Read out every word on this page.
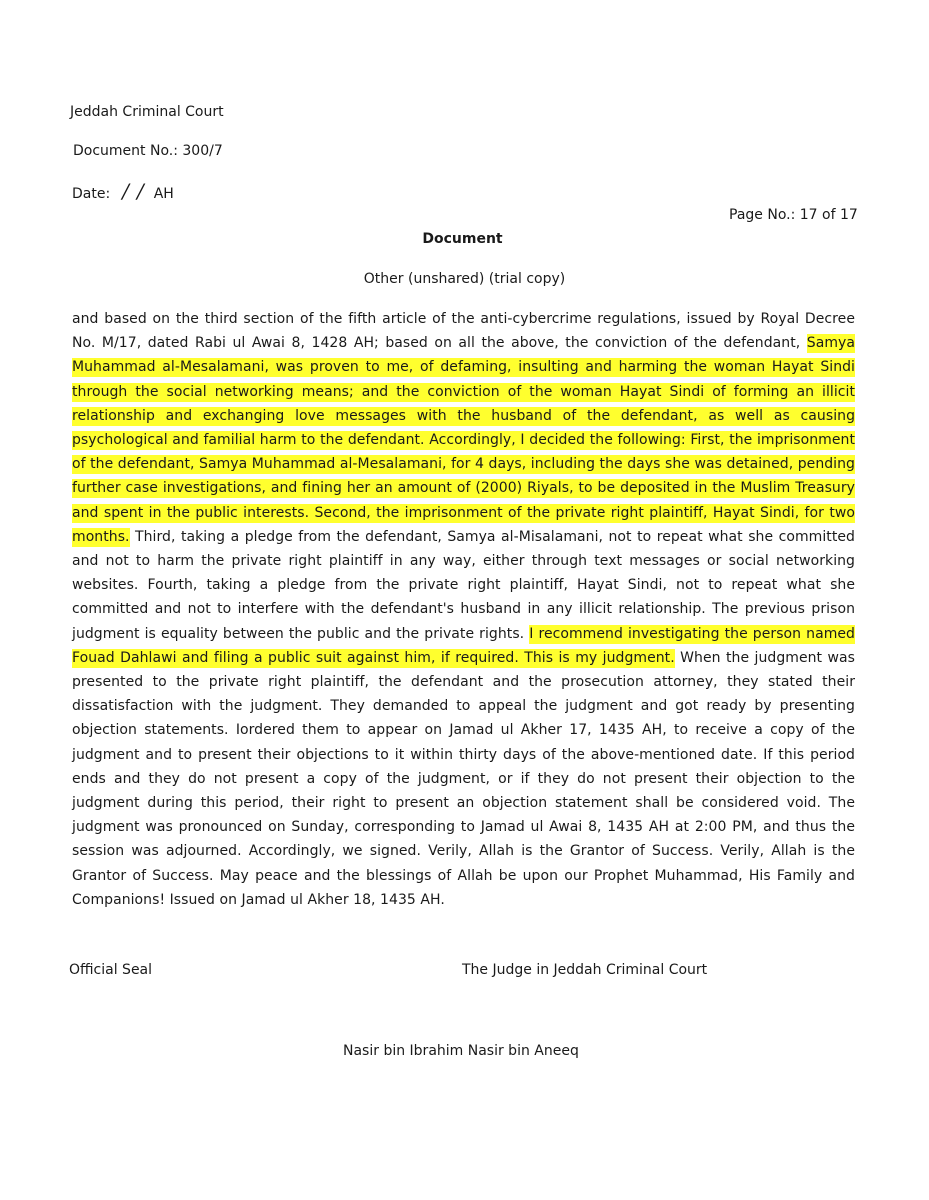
Jeddah Criminal Court
Document No.: 300/7
Date: / / AH
Page No.: 17 of 17
Document
Other (unshared) (trial copy)
and based on the third section of the fifth article of the anti-cybercrime regulations, issued by Royal Decree No. M/17, dated Rabi ul Awai 8, 1428 AH; based on all the above, the conviction of the defendant, Samya Muhammad al-Mesalamani, was proven to me, of defaming, insulting and harming the woman Hayat Sindi through the social networking means; and the conviction of the woman Hayat Sindi of forming an illicit relationship and exchanging love messages with the husband of the defendant, as well as causing psychological and familial harm to the defendant. Accordingly, I decided the following: First, the imprisonment of the defendant, Samya Muhammad al-Mesalamani, for 4 days, including the days she was detained, pending further case investigations, and fining her an amount of (2000) Riyals, to be deposited in the Muslim Treasury and spent in the public interests. Second, the imprisonment of the private right plaintiff, Hayat Sindi, for two months. Third, taking a pledge from the defendant, Samya al-Misalamani, not to repeat what she committed and not to harm the private right plaintiff in any way, either through text messages or social networking websites. Fourth, taking a pledge from the private right plaintiff, Hayat Sindi, not to repeat what she committed and not to interfere with the defendant's husband in any illicit relationship. The previous prison judgment is equality between the public and the private rights. I recommend investigating the person named Fouad Dahlawi and filing a public suit against him, if required. This is my judgment. When the judgment was presented to the private right plaintiff, the defendant and the prosecution attorney, they stated their dissatisfaction with the judgment. They demanded to appeal the judgment and got ready by presenting objection statements. Iordered them to appear on Jamad ul Akher 17, 1435 AH, to receive a copy of the judgment and to present their objections to it within thirty days of the above-mentioned date. If this period ends and they do not present a copy of the judgment, or if they do not present their objection to the judgment during this period, their right to present an objection statement shall be considered void. The judgment was pronounced on Sunday, corresponding to Jamad ul Awai 8, 1435 AH at 2:00 PM, and thus the session was adjourned. Accordingly, we signed. Verily, Allah is the Grantor of Success. Verily, Allah is the Grantor of Success. May peace and the blessings of Allah be upon our Prophet Muhammad, His Family and Companions! Issued on Jamad ul Akher 18, 1435 AH.
Official Seal	The Judge in Jeddah Criminal Court
Nasir bin Ibrahim Nasir bin Aneeq
